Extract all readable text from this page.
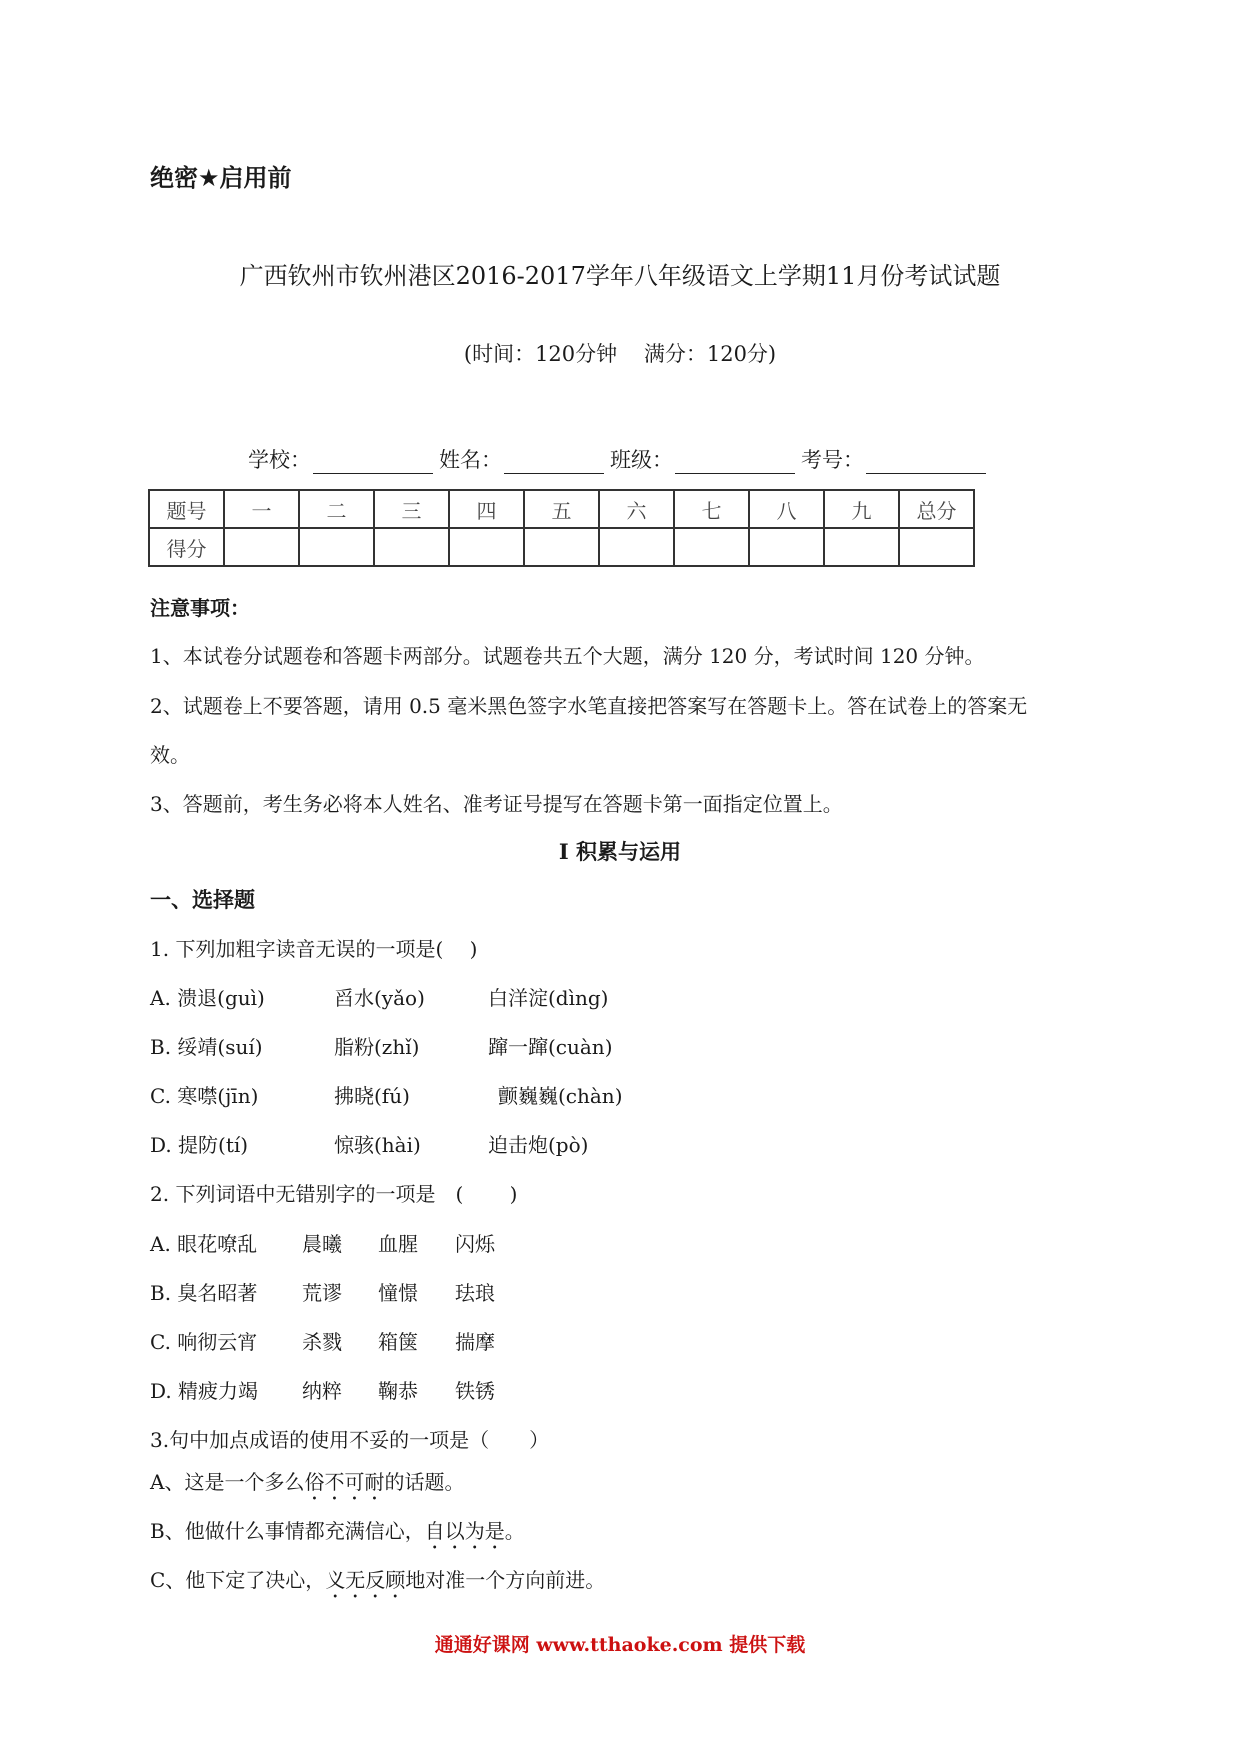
绝密★启用前
广西钦州市钦州港区2016-2017学年八年级语文上学期11月份考试试题
(时间：120分钟 满分：120分)
学校：	姓名：	班级：	考号：
题号	一	二	三	四	五	六	七	八	九	总分
得分										
注意事项：
1、本试卷分试题卷和答题卡两部分。试题卷共五个大题，满分 120 分，考试时间 120 分钟。
2、试题卷上不要答题，请用 0.5 毫米黑色签字水笔直接把答案写在答题卡上。答在试卷上的答案无
效。
3、答题前，考生务必将本人姓名、准考证号提写在答题卡第一面指定位置上。
I 积累与运用
一、选择题
1. 下列加粗字读音无误的一项是(　 )
A. 溃退(guì)	舀水(yǎo)	白洋淀(dìng)
B. 绥靖(suí)	脂粉(zhǐ)	蹿一蹿(cuàn)
C. 寒噤(jīn)	拂晓(fú)	颤巍巍(chàn)
D. 提防(tí)	惊骇(hài)	迫击炮(pò)
2. 下列词语中无错别字的一项是　(　　 )
A. 眼花嘹乱 晨曦 血腥 闪烁
B. 臭名昭著 荒谬 憧憬 珐琅
C. 响彻云宵 杀戮 箱箧 揣摩
D. 精疲力竭 纳粹 鞠恭 铁锈
3.句中加点成语的使用不妥的一项是（　　）
A、这是一个多么俗不可耐的话题。
B、他做什么事情都充满信心，自以为是。
C、他下定了决心，义无反顾地对准一个方向前进。
通通好课网 www.tthaoke.com 提供下载
